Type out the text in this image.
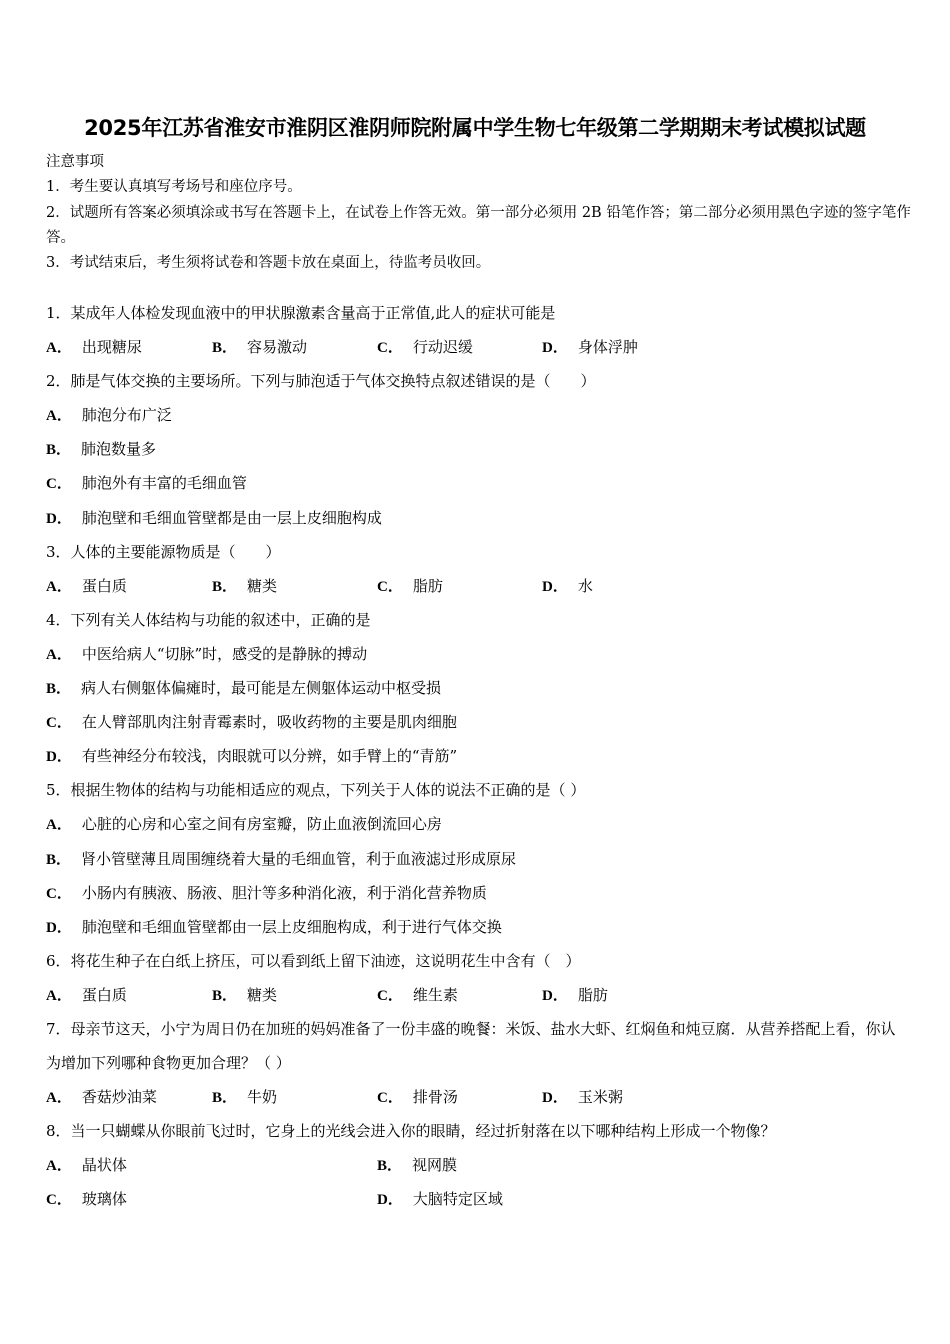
2025年江苏省淮安市淮阴区淮阴师院附属中学生物七年级第二学期期末考试模拟试题
注意事项
1．考生要认真填写考场号和座位序号。
2．试题所有答案必须填涂或书写在答题卡上，在试卷上作答无效。第一部分必须用 2B 铅笔作答；第二部分必须用黑色字迹的签字笔作答。
3．考试结束后，考生须将试卷和答题卡放在桌面上，待监考员收回。
1．某成年人体检发现血液中的甲状腺激素含量高于正常值,此人的症状可能是
A． 出现糖尿	B． 容易激动	C． 行动迟缓	D． 身体浮肿
2．肺是气体交换的主要场所。下列与肺泡适于气体交换特点叙述错误的是（　　）
A． 肺泡分布广泛
B． 肺泡数量多
C． 肺泡外有丰富的毛细血管
D． 肺泡壁和毛细血管壁都是由一层上皮细胞构成
3．人体的主要能源物质是（　　）
A． 蛋白质	B． 糖类	C． 脂肪	D． 水
4．下列有关人体结构与功能的叙述中，正确的是
A． 中医给病人“切脉”时，感受的是静脉的搏动
B． 病人右侧躯体偏瘫时，最可能是左侧躯体运动中枢受损
C． 在人臂部肌肉注射青霉素时，吸收药物的主要是肌肉细胞
D． 有些神经分布较浅，肉眼就可以分辨，如手臂上的“青筋”
5．根据生物体的结构与功能相适应的观点，下列关于人体的说法不正确的是（ ）
A． 心脏的心房和心室之间有房室瓣，防止血液倒流回心房
B． 肾小管壁薄且周围缠绕着大量的毛细血管，利于血液滤过形成原尿
C． 小肠内有胰液、肠液、胆汁等多种消化液，利于消化营养物质
D． 肺泡壁和毛细血管壁都由一层上皮细胞构成，利于进行气体交换
6．将花生种子在白纸上挤压，可以看到纸上留下油迹，这说明花生中含有（　）
A． 蛋白质	B． 糖类	C． 维生素	D． 脂肪
7．母亲节这天，小宁为周日仍在加班的妈妈准备了一份丰盛的晚餐：米饭、盐水大虾、红焖鱼和炖豆腐．从营养搭配上看，你认为增加下列哪种食物更加合理？（ ）
A． 香菇炒油菜	B． 牛奶	C． 排骨汤	D． 玉米粥
8．当一只蝴蝶从你眼前飞过时，它身上的光线会进入你的眼睛，经过折射落在以下哪种结构上形成一个物像？
A． 晶状体	B． 视网膜
C． 玻璃体	D． 大脑特定区域
